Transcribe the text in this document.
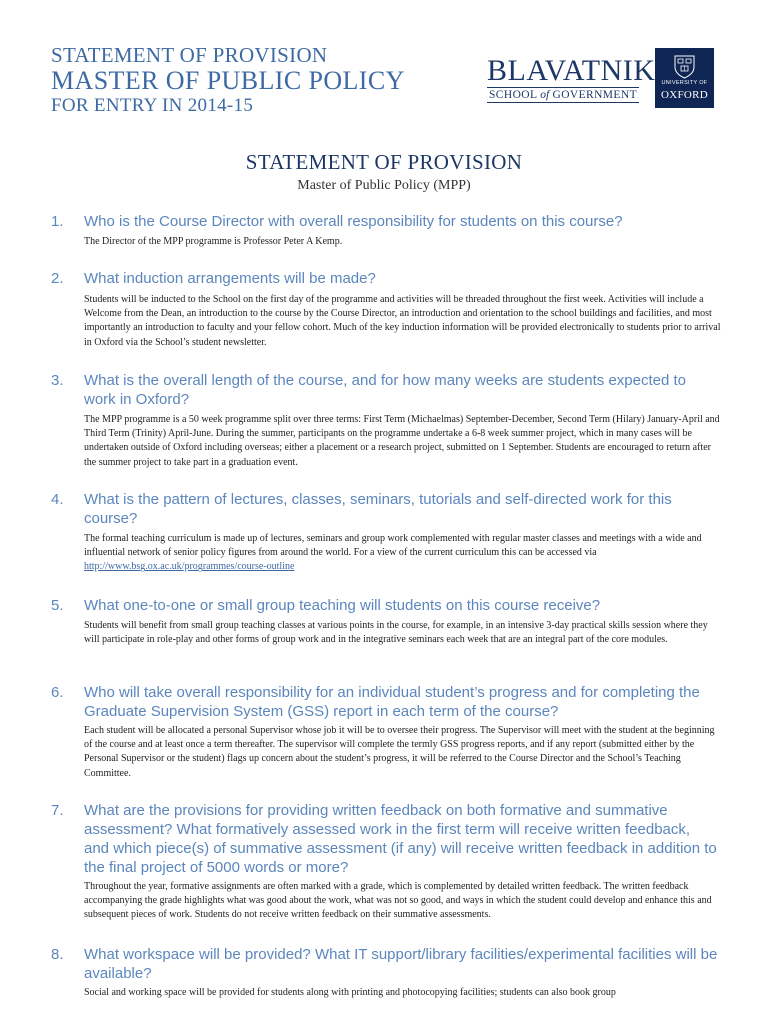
STATEMENT OF PROVISION
MASTER OF PUBLIC POLICY
FOR ENTRY IN 2014-15
BLAVATNIK
SCHOOL of GOVERNMENT
UNIVERSITY OF
OXFORD
STATEMENT OF PROVISION
Master of Public Policy (MPP)
1. Who is the Course Director with overall responsibility for students on this course?

The Director of the MPP programme is Professor Peter A Kemp.

2. What induction arrangements will be made?

Students will be inducted to the School on the first day of the programme and activities will be threaded throughout the first week. Activities will include a Welcome from the Dean, an introduction to the course by the Course Director, an introduction and orientation to the school buildings and facilities, and most importantly an introduction to faculty and your fellow cohort. Much of the key induction information will be provided electronically to students prior to arrival in Oxford via the School’s student newsletter.

3. What is the overall length of the course, and for how many weeks are students expected to work in Oxford?

The MPP programme is a 50 week programme split over three terms: First Term (Michaelmas) September-December, Second Term (Hilary) January-April and Third Term (Trinity) April-June. During the summer, participants on the programme undertake a 6-8 week summer project, which in many cases will be undertaken outside of Oxford including overseas; either a placement or a research project, submitted on 1 September. Students are encouraged to return after the summer project to take part in a graduation event.

4. What is the pattern of lectures, classes, seminars, tutorials and self-directed work for this course?

The formal teaching curriculum is made up of lectures, seminars and group work complemented with regular master classes and meetings with a wide and influential network of senior policy figures from around the world. For a view of the current curriculum this can be accessed via http://www.bsg.ox.ac.uk/programmes/course-outline

5. What one-to-one or small group teaching will students on this course receive?

Students will benefit from small group teaching classes at various points in the course, for example, in an intensive 3-day practical skills session where they will participate in role-play and other forms of group work and in the integrative seminars each week that are an integral part of the core modules.

6. Who will take overall responsibility for an individual student’s progress and for completing the Graduate Supervision System (GSS) report in each term of the course?

Each student will be allocated a personal Supervisor whose job it will be to oversee their progress. The Supervisor will meet with the student at the beginning of the course and at least once a term thereafter. The supervisor will complete the termly GSS progress reports, and if any report (submitted either by the Personal Supervisor or the student) flags up concern about the student’s progress, it will be referred to the Course Director and the School’s Teaching Committee.

7. What are the provisions for providing written feedback on both formative and summative assessment? What formatively assessed work in the first term will receive written feedback, and which piece(s) of summative assessment (if any) will receive written feedback in addition to the final project of 5000 words or more?

Throughout the year, formative assignments are often marked with a grade, which is complemented by detailed written feedback. The written feedback accompanying the grade highlights what was good about the work, what was not so good, and ways in which the student could develop and enhance this and subsequent pieces of work. Students do not receive written feedback on their summative assessments.

8. What workspace will be provided? What IT support/library facilities/experimental facilities will be available?

Social and working space will be provided for students along with printing and photocopying facilities; students can also book group
